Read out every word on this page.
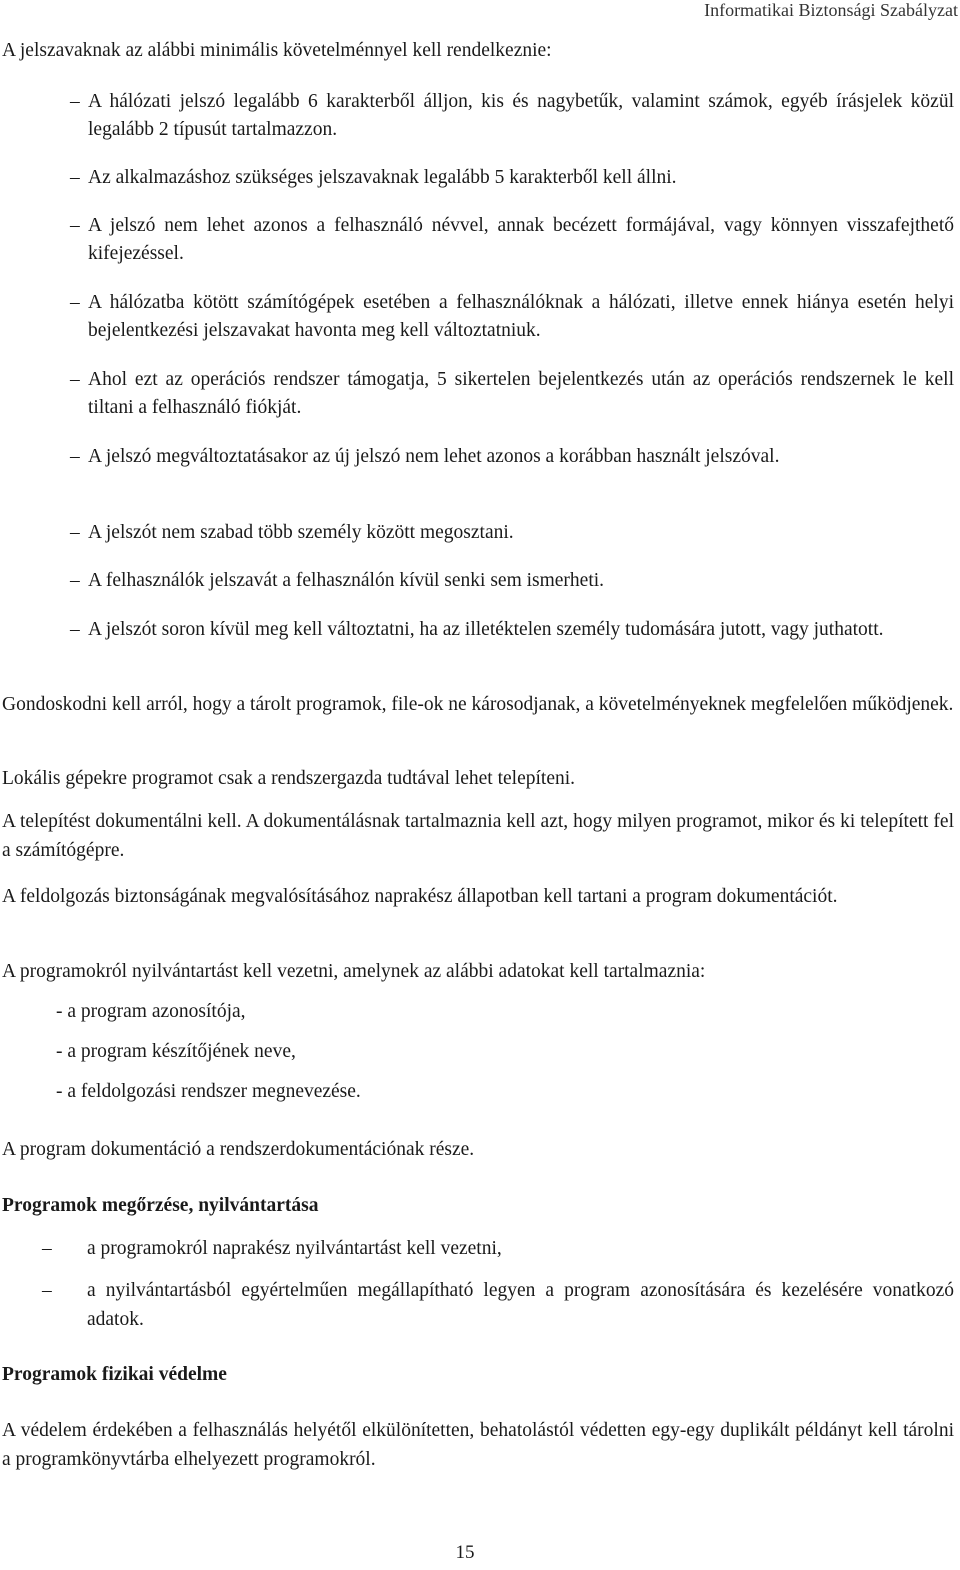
Informatikai Biztonsági Szabályzat

A jelszavaknak az alábbi minimális követelménnyel kell rendelkeznie:

– A hálózati jelszó legalább 6 karakterből álljon, kis és nagybetűk, valamint számok, egyéb írásjelek közül legalább 2 típusút tartalmazzon.
– Az alkalmazáshoz szükséges jelszavaknak legalább 5 karakterből kell állni.
– A jelszó nem lehet azonos a felhasználó névvel, annak becézett formájával, vagy könnyen visszafejthető kifejezéssel.
– A hálózatba kötött számítógépek esetében a felhasználóknak a hálózati, illetve ennek hiánya esetén helyi bejelentkezési jelszavakat havonta meg kell változtatniuk.
– Ahol ezt az operációs rendszer támogatja, 5 sikertelen bejelentkezés után az operációs rendszernek le kell tiltani a felhasználó fiókját.
– A jelszó megváltoztatásakor az új jelszó nem lehet azonos a korábban használt jelszóval.
– A jelszót nem szabad több személy között megosztani.
– A felhasználók jelszavát a felhasználón kívül senki sem ismerheti.
– A jelszót soron kívül meg kell változtatni, ha az illetéktelen személy tudomására jutott, vagy juthatott.

Gondoskodni kell arról, hogy a tárolt programok, file-ok ne károsodjanak, a követelményeknek megfelelően működjenek.

Lokális gépekre programot csak a rendszergazda tudtával lehet telepíteni.

A telepítést dokumentálni kell. A dokumentálásnak tartalmaznia kell azt, hogy milyen programot, mikor és ki telepített fel a számítógépre.

A feldolgozás biztonságának megvalósításához naprakész állapotban kell tartani a program dokumentációt.

A programokról nyilvántartást kell vezetni, amelynek az alábbi adatokat kell tartalmaznia:

- a program azonosítója,
- a program készítőjének neve,
- a feldolgozási rendszer megnevezése.

A program dokumentáció a rendszerdokumentációnak része.

Programok megőrzése, nyilvántartása
–	a programokról naprakész nyilvántartást kell vezetni,
–	a nyilvántartásból egyértelműen megállapítható legyen a program azonosítására és kezelésére vonatkozó adatok.
Programok fizikai védelme

A védelem érdekében a felhasználás helyétől elkülönítetten, behatolástól védetten egy-egy duplikált példányt kell tárolni a programkönyvtárba elhelyezett programokról.

15
